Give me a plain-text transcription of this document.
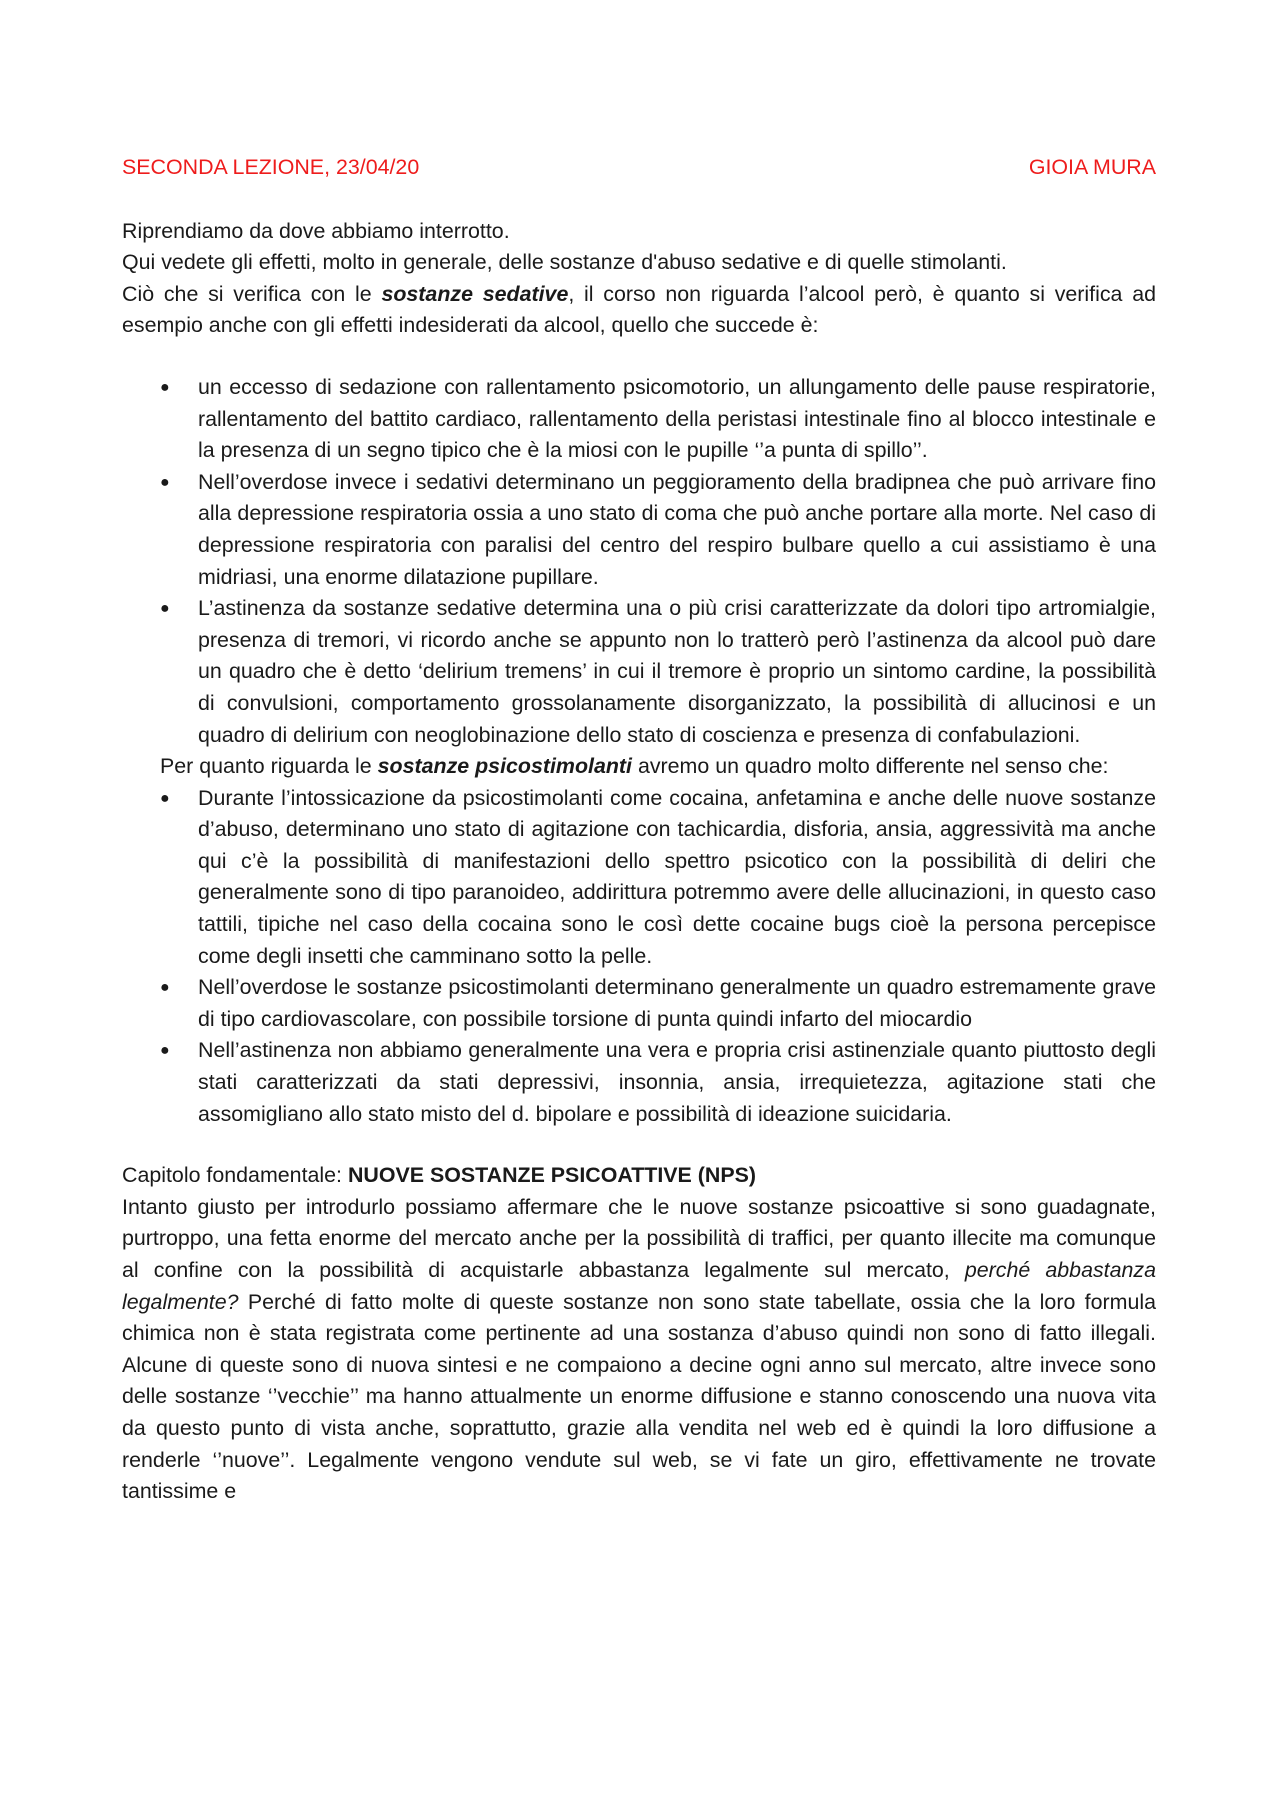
SECONDA LEZIONE, 23/04/20	GIOIA MURA

Riprendiamo da dove abbiamo interrotto.

Qui vedete gli effetti, molto in generale, delle sostanze d'abuso sedative e di quelle stimolanti.

Ciò che si verifica con le sostanze sedative, il corso non riguarda l’alcool però, è quanto si verifica ad esempio anche con gli effetti indesiderati da alcool, quello che succede è:

● un eccesso di sedazione con rallentamento psicomotorio, un allungamento delle pause respiratorie, rallentamento del battito cardiaco, rallentamento della peristasi intestinale fino al blocco intestinale e la presenza di un segno tipico che è la miosi con le pupille ‘’a punta di spillo’’.
● Nell’overdose invece i sedativi determinano un peggioramento della bradipnea che può arrivare fino alla depressione respiratoria ossia a uno stato di coma che può anche portare alla morte. Nel caso di depressione respiratoria con paralisi del centro del respiro bulbare quello a cui assistiamo è una midriasi, una enorme dilatazione pupillare.
● L’astinenza da sostanze sedative determina una o più crisi caratterizzate da dolori tipo artromialgie, presenza di tremori, vi ricordo anche se appunto non lo tratterò però l’astinenza da alcool può dare un quadro che è detto ‘delirium tremens’ in cui il tremore è proprio un sintomo cardine, la possibilità di convulsioni, comportamento grossolanamente disorganizzato, la possibilità di allucinosi e un quadro di delirium con neoglobinazione dello stato di coscienza e presenza di confabulazioni.

Per quanto riguarda le sostanze psicostimolanti avremo un quadro molto differente nel senso che:

● Durante l’intossicazione da psicostimolanti come cocaina, anfetamina e anche delle nuove sostanze d’abuso, determinano uno stato di agitazione con tachicardia, disforia, ansia, aggressività ma anche qui c’è la possibilità di manifestazioni dello spettro psicotico con la possibilità di deliri che generalmente sono di tipo paranoideo, addirittura potremmo avere delle allucinazioni, in questo caso tattili, tipiche nel caso della cocaina sono le così dette cocaine bugs cioè la persona percepisce come degli insetti che camminano sotto la pelle.
● Nell’overdose le sostanze psicostimolanti determinano generalmente un quadro estremamente grave di tipo cardiovascolare, con possibile torsione di punta quindi infarto del miocardio
● Nell’astinenza non abbiamo generalmente una vera e propria crisi astinenziale quanto piuttosto degli stati caratterizzati da stati depressivi, insonnia, ansia, irrequietezza, agitazione stati che assomigliano allo stato misto del d. bipolare e possibilità di ideazione suicidaria.

Capitolo fondamentale: NUOVE SOSTANZE PSICOATTIVE (NPS)

Intanto giusto per introdurlo possiamo affermare che le nuove sostanze psicoattive si sono guadagnate, purtroppo, una fetta enorme del mercato anche per la possibilità di traffici, per quanto illecite ma comunque al confine con la possibilità di acquistarle abbastanza legalmente sul mercato, perché abbastanza legalmente? Perché di fatto molte di queste sostanze non sono state tabellate, ossia che la loro formula chimica non è stata registrata come pertinente ad una sostanza d’abuso quindi non sono di fatto illegali. Alcune di queste sono di nuova sintesi e ne compaiono a decine ogni anno sul mercato, altre invece sono delle sostanze ‘’vecchie’’ ma hanno attualmente un enorme diffusione e stanno conoscendo una nuova vita da questo punto di vista anche, soprattutto, grazie alla vendita nel web ed è quindi la loro diffusione a renderle ‘’nuove’’. Legalmente vengono vendute sul web, se vi fate un giro, effettivamente ne trovate tantissime e
